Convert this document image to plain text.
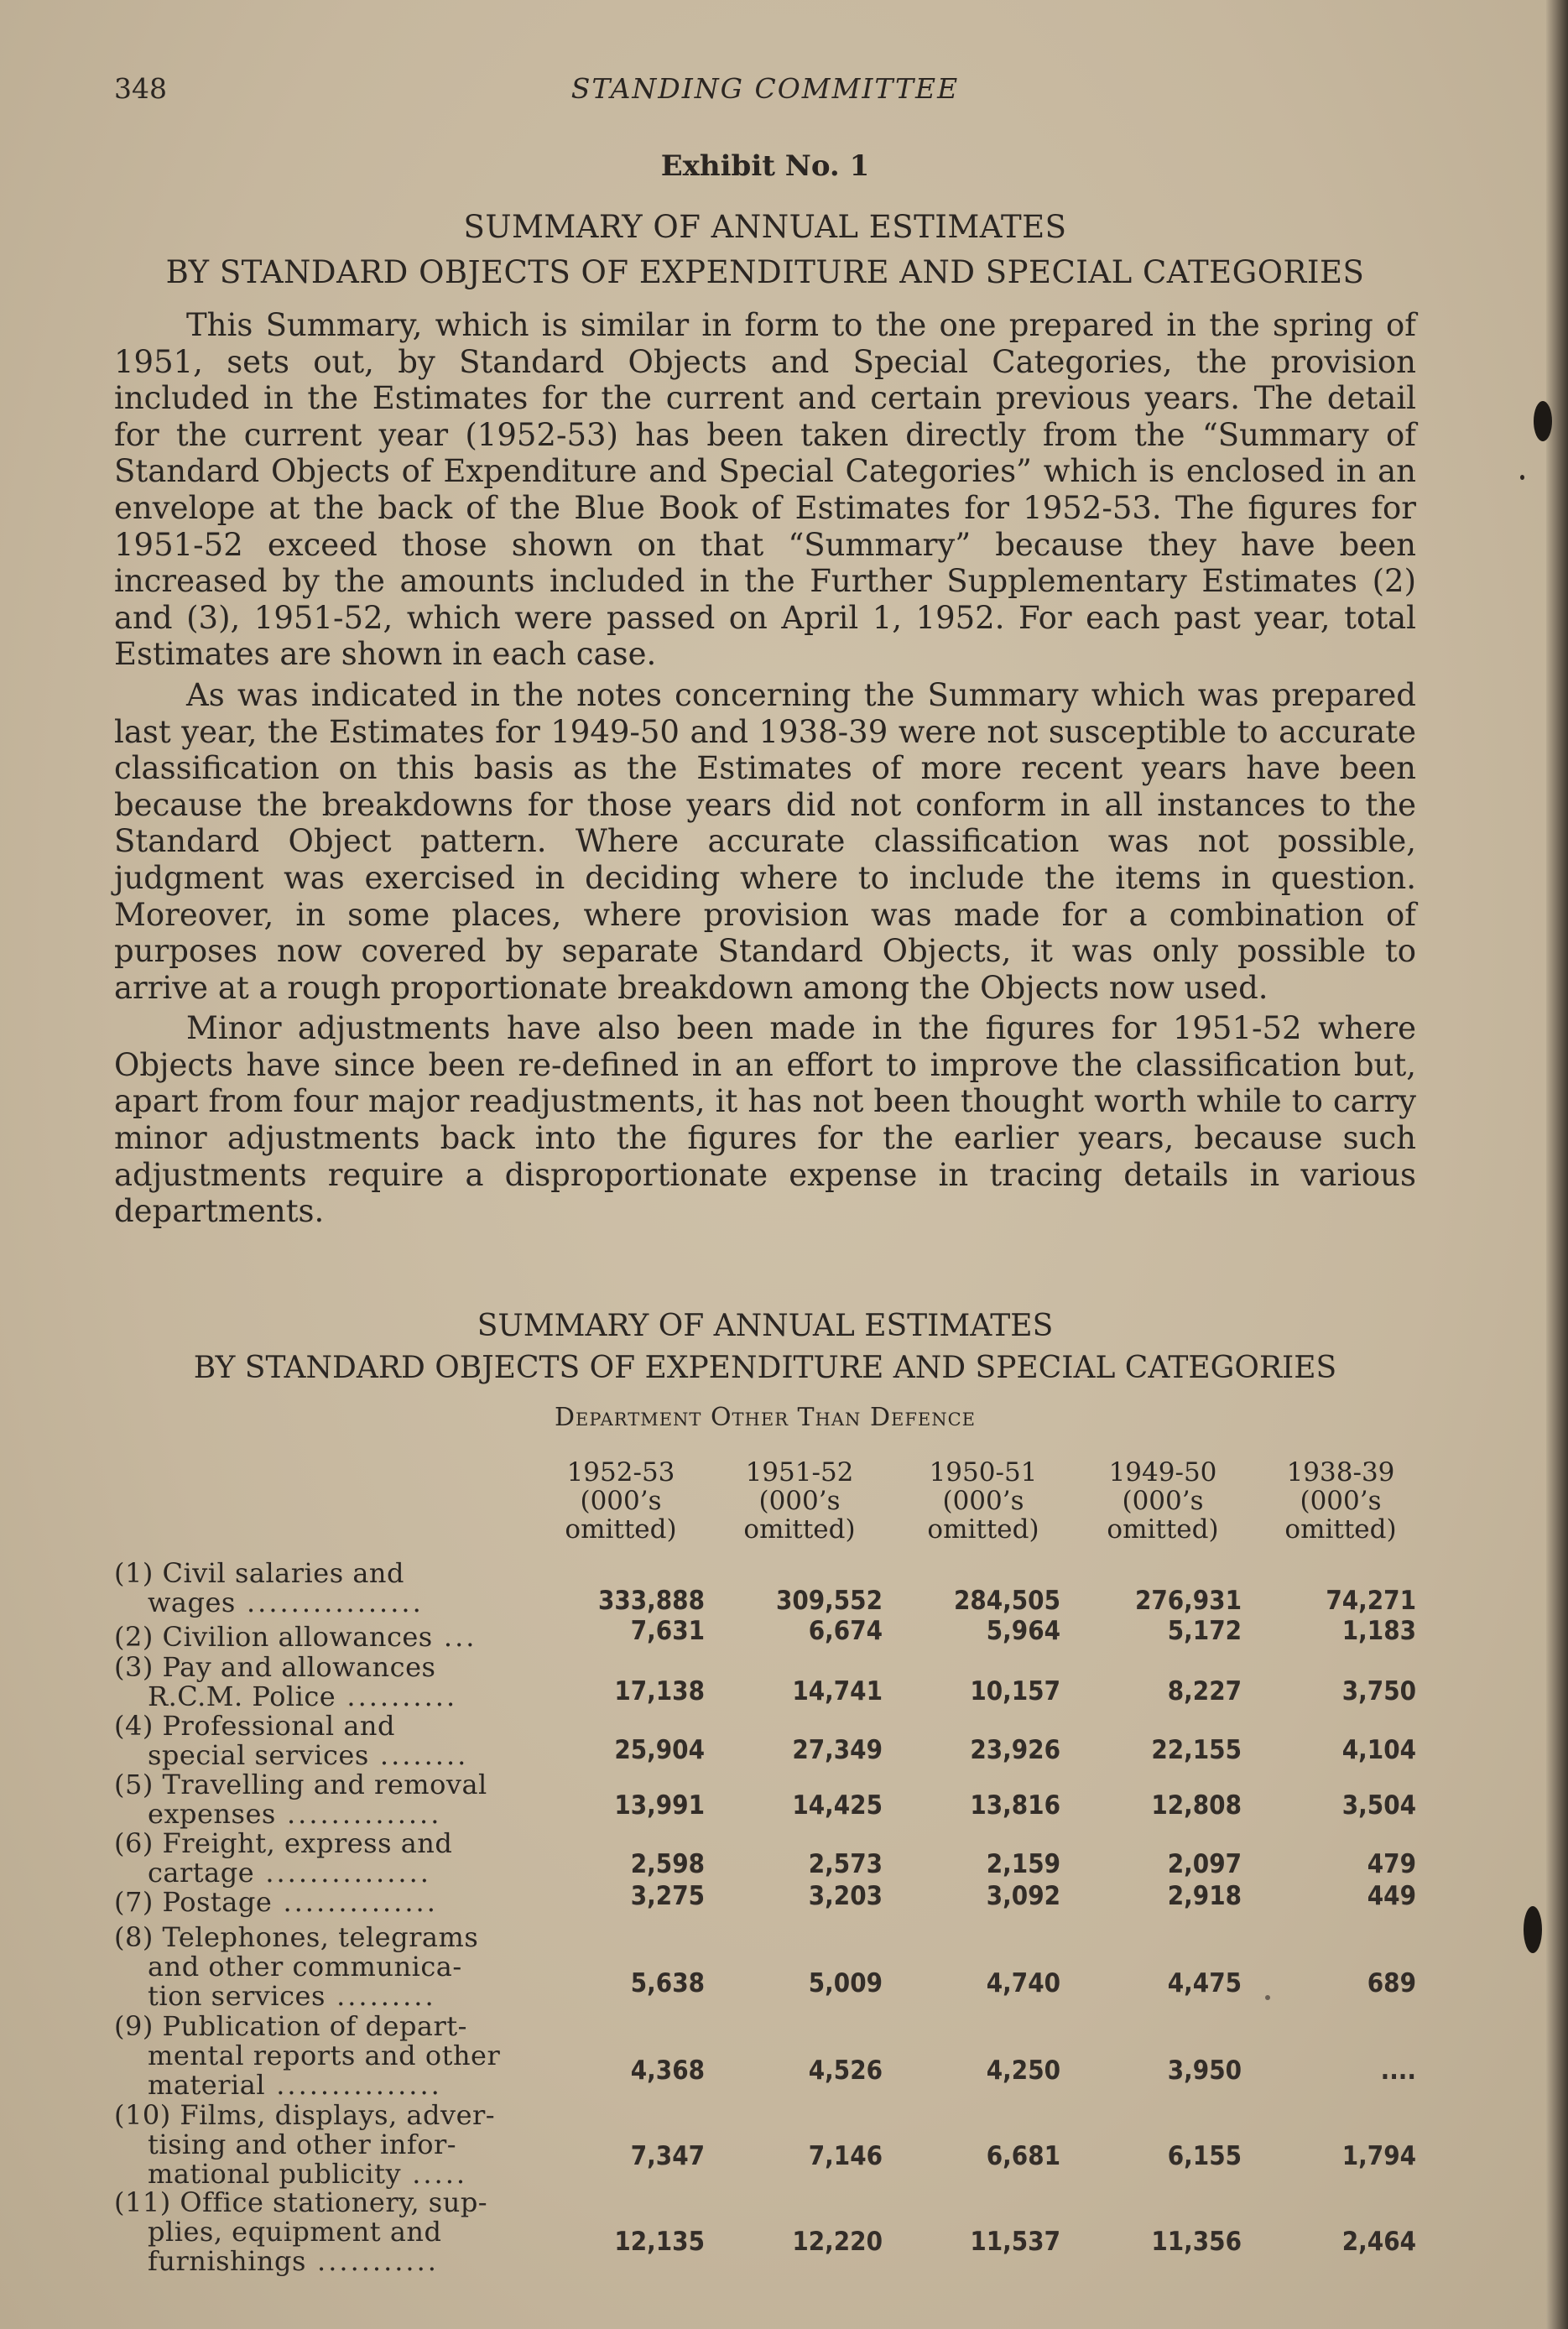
348	STANDING COMMITTEE
Exhibit No. 1
SUMMARY OF ANNUAL ESTIMATES
BY STANDARD OBJECTS OF EXPENDITURE AND SPECIAL CATEGORIES

This Summary, which is similar in form to the one prepared in the spring of 1951, sets out, by Standard Objects and Special Categories, the provision included in the Estimates for the current and certain previous years. The detail for the current year (1952-53) has been taken directly from the “Summary of Standard Objects of Expenditure and Special Categories” which is enclosed in an envelope at the back of the Blue Book of Estimates for 1952-53. The figures for 1951-52 exceed those shown on that “Summary” because they have been increased by the amounts included in the Further Supplementary Estimates (2) and (3), 1951-52, which were passed on April 1, 1952. For each past year, total Estimates are shown in each case.

As was indicated in the notes concerning the Summary which was prepared last year, the Estimates for 1949-50 and 1938-39 were not susceptible to accurate classification on this basis as the Estimates of more recent years have been because the breakdowns for those years did not conform in all instances to the Standard Object pattern. Where accurate classification was not possible, judgment was exercised in deciding where to include the items in question. Moreover, in some places, where provision was made for a combination of purposes now covered by separate Standard Objects, it was only possible to arrive at a rough proportionate breakdown among the Objects now used.

Minor adjustments have also been made in the figures for 1951-52 where Objects have since been re-defined in an effort to improve the classification but, apart from four major readjustments, it has not been thought worth while to carry minor adjustments back into the figures for the earlier years, because such adjustments require a disproportionate expense in tracing details in various departments.

SUMMARY OF ANNUAL ESTIMATES
BY STANDARD OBJECTS OF EXPENDITURE AND SPECIAL CATEGORIES
Department Other Than Defence
1952-53
(000’s
omitted)
1951-52
(000’s
omitted)
1950-51
(000’s
omitted)
1949-50
(000’s
omitted)
1938-39
(000’s
omitted)
(1) Civil salaries and
wages ................	333,888	309,552	284,505	276,931	74,271
(2) Civilion allowances ...	7,631	6,674	5,964	5,172	1,183
(3) Pay and allowances
R.C.M. Police ..........	17,138	14,741	10,157	8,227	3,750
(4) Professional and
special services ........	25,904	27,349	23,926	22,155	4,104
(5) Travelling and removal
expenses ..............	13,991	14,425	13,816	12,808	3,504
(6) Freight, express and
cartage ...............	2,598	2,573	2,159	2,097	479
(7) Postage ..............	3,275	3,203	3,092	2,918	449
(8) Telephones, telegrams
and other communica-
tion services .........	5,638	5,009	4,740	4,475	689
(9) Publication of depart-
mental reports and other
material ...............	4,368	4,526	4,250	3,950	....
(10) Films, displays, adver-
tising and other infor-
mational publicity .....
7,347	7,146	6,681	6,155	1,794
(11) Office stationery, sup-
plies, equipment and
furnishings ...........
12,135	12,220	11,537	11,356	2,464
